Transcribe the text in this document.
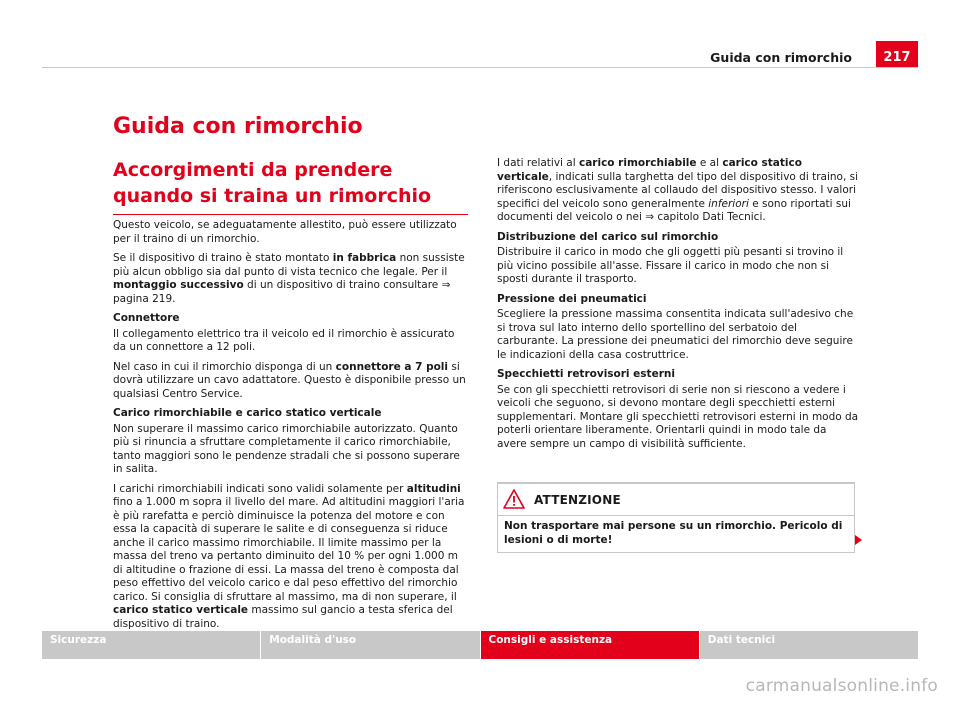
Guida con rimorchio	217
Guida con rimorchio
Accorgimenti da prendere quando si traina un rimorchio

Questo veicolo, se adeguatamente allestito, può essere utilizzato per il traino di un rimorchio.

Se il dispositivo di traino è stato montato in fabbrica non sussiste più alcun obbligo sia dal punto di vista tecnico che legale. Per il montaggio successivo di un dispositivo di traino consultare ⇒ pagina 219.

Connettore

Il collegamento elettrico tra il veicolo ed il rimorchio è assicurato da un connettore a 12 poli.

Nel caso in cui il rimorchio disponga di un connettore a 7 poli si dovrà utilizzare un cavo adattatore. Questo è disponibile presso un qualsiasi Centro Service.

Carico rimorchiabile e carico statico verticale

Non superare il massimo carico rimorchiabile autorizzato. Quanto più si rinuncia a sfruttare completamente il carico rimorchiabile, tanto maggiori sono le pendenze stradali che si possono superare in salita.

I carichi rimorchiabili indicati sono validi solamente per altitudini fino a 1.000 m sopra il livello del mare. Ad altitudini maggiori l'aria è più rarefatta e perciò diminuisce la potenza del motore e con essa la capacità di superare le salite e di conseguenza si riduce anche il carico massimo rimorchiabile. Il limite massimo per la massa del treno va pertanto diminuito del 10 % per ogni 1.000 m di altitudine o frazione di essi. La massa del treno è composta dal peso effettivo del veicolo carico e dal peso effettivo del rimorchio carico. Si consiglia di sfruttare al massimo, ma di non superare, il carico statico verticale massimo sul gancio a testa sferica del dispositivo di traino.

I dati relativi al carico rimorchiabile e al carico statico verticale, indicati sulla targhetta del tipo del dispositivo di traino, si riferiscono esclusivamente al collaudo del dispositivo stesso. I valori specifici del veicolo sono generalmente inferiori e sono riportati sui documenti del veicolo o nei ⇒ capitolo Dati Tecnici.

Distribuzione del carico sul rimorchio

Distribuire il carico in modo che gli oggetti più pesanti si trovino il più vicino possibile all'asse. Fissare il carico in modo che non si sposti durante il trasporto.

Pressione dei pneumatici

Scegliere la pressione massima consentita indicata sull'adesivo che si trova sul lato interno dello sportellino del serbatoio del carburante. La pressione dei pneumatici del rimorchio deve seguire le indicazioni della casa costruttrice.

Specchietti retrovisori esterni

Se con gli specchietti retrovisori di serie non si riescono a vedere i veicoli che seguono, si devono montare degli specchietti esterni supplementari. Montare gli specchietti retrovisori esterni in modo da poterli orientare liberamente. Orientarli quindi in modo tale da avere sempre un campo di visibilità sufficiente.

ATTENZIONE
Non trasportare mai persone su un rimorchio. Pericolo di lesioni o di morte!
Sicurezza	Modalità d'uso	Consigli e assistenza	Dati tecnici
carmanualsonline.info
